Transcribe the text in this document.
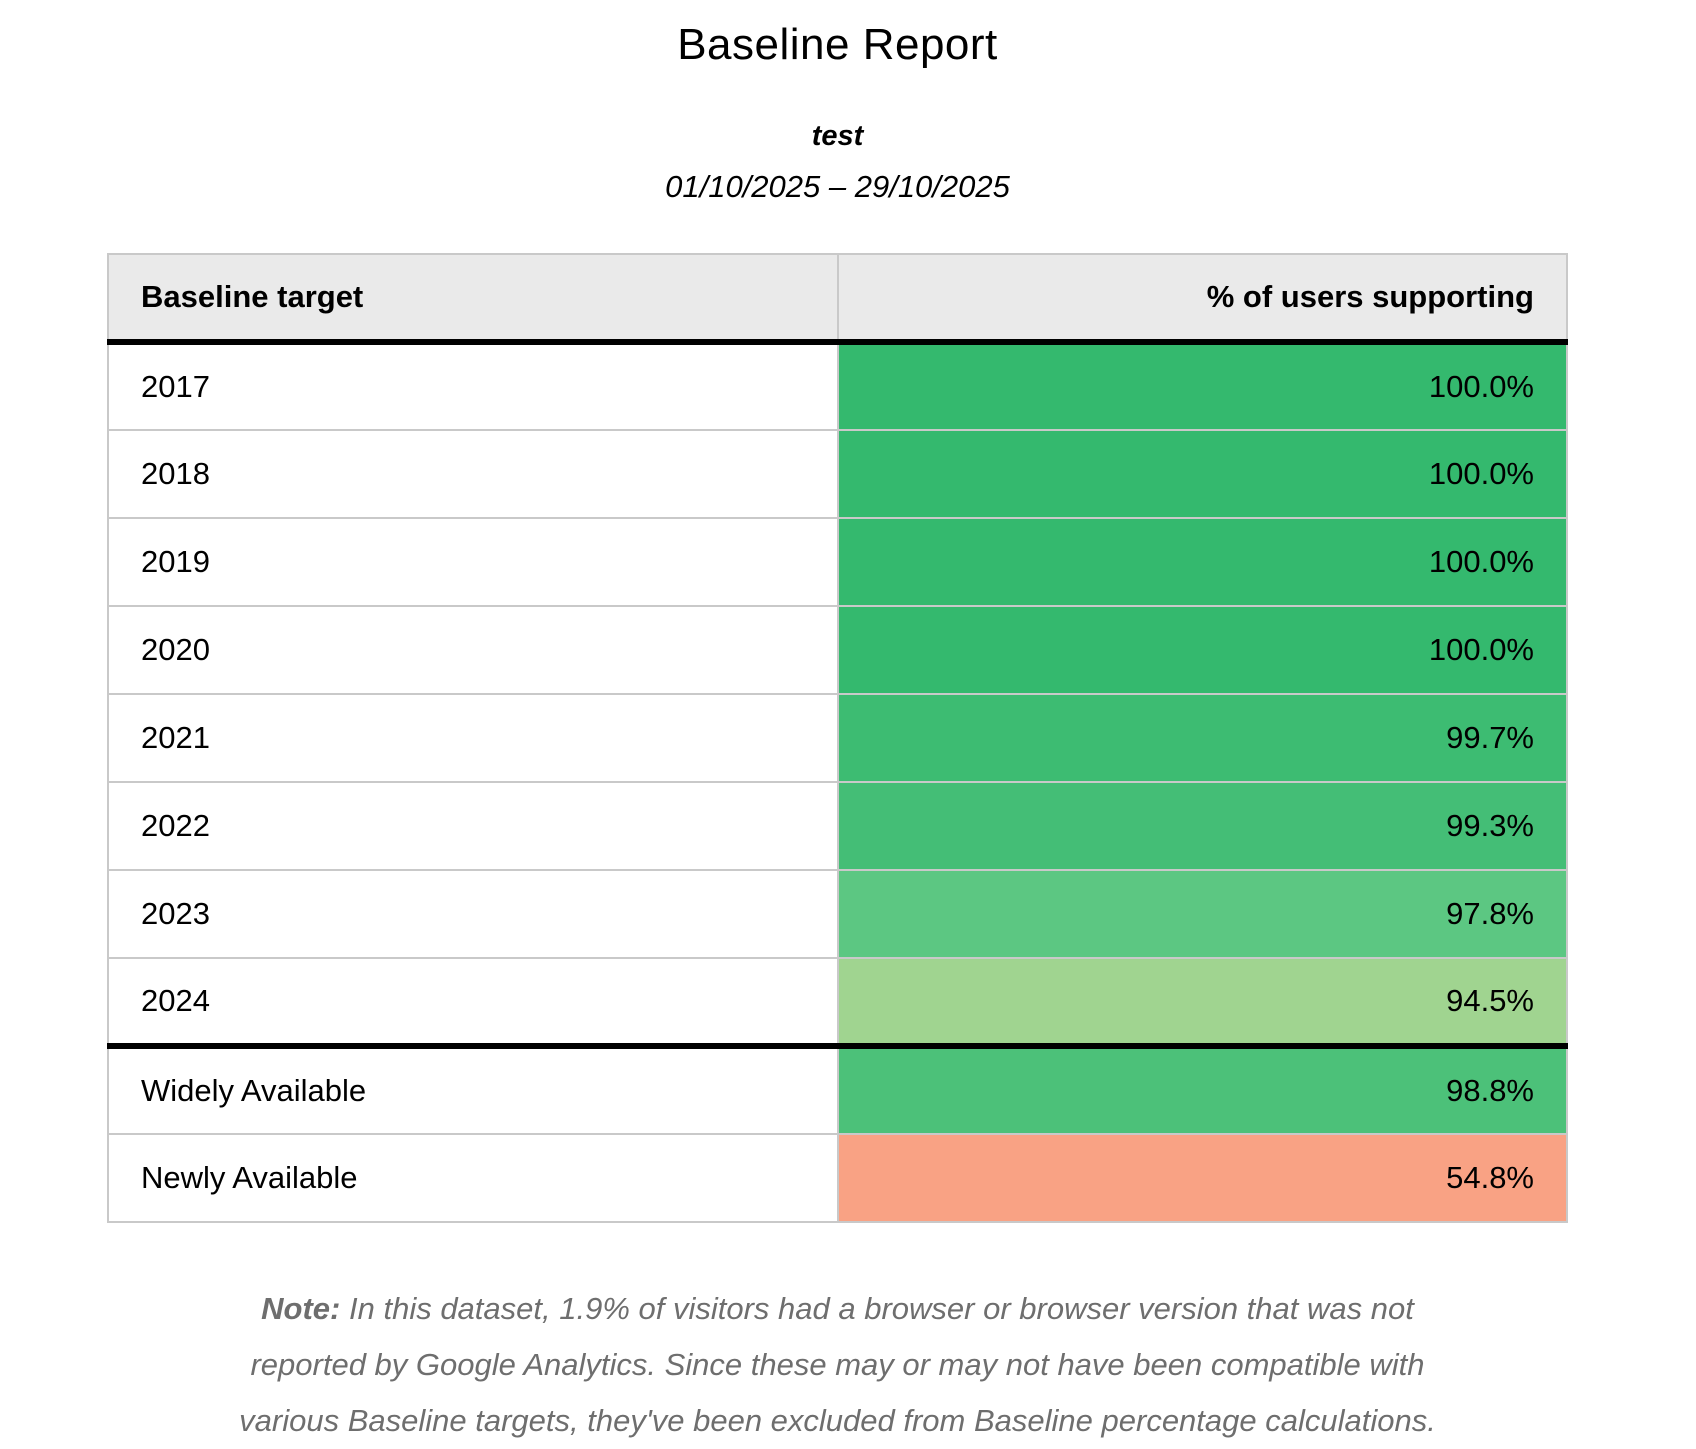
Baseline Report
test
01/10/2025 – 29/10/2025
Baseline target	% of users supporting
2017	100.0%
2018	100.0%
2019	100.0%
2020	100.0%
2021	99.7%
2022	99.3%
2023	97.8%
2024	94.5%
Widely Available	98.8%
Newly Available	54.8%

Note: In this dataset, 1.9% of visitors had a browser or browser version that was not reported by Google Analytics. Since these may or may not have been compatible with various Baseline targets, they've been excluded from Baseline percentage calculations.
